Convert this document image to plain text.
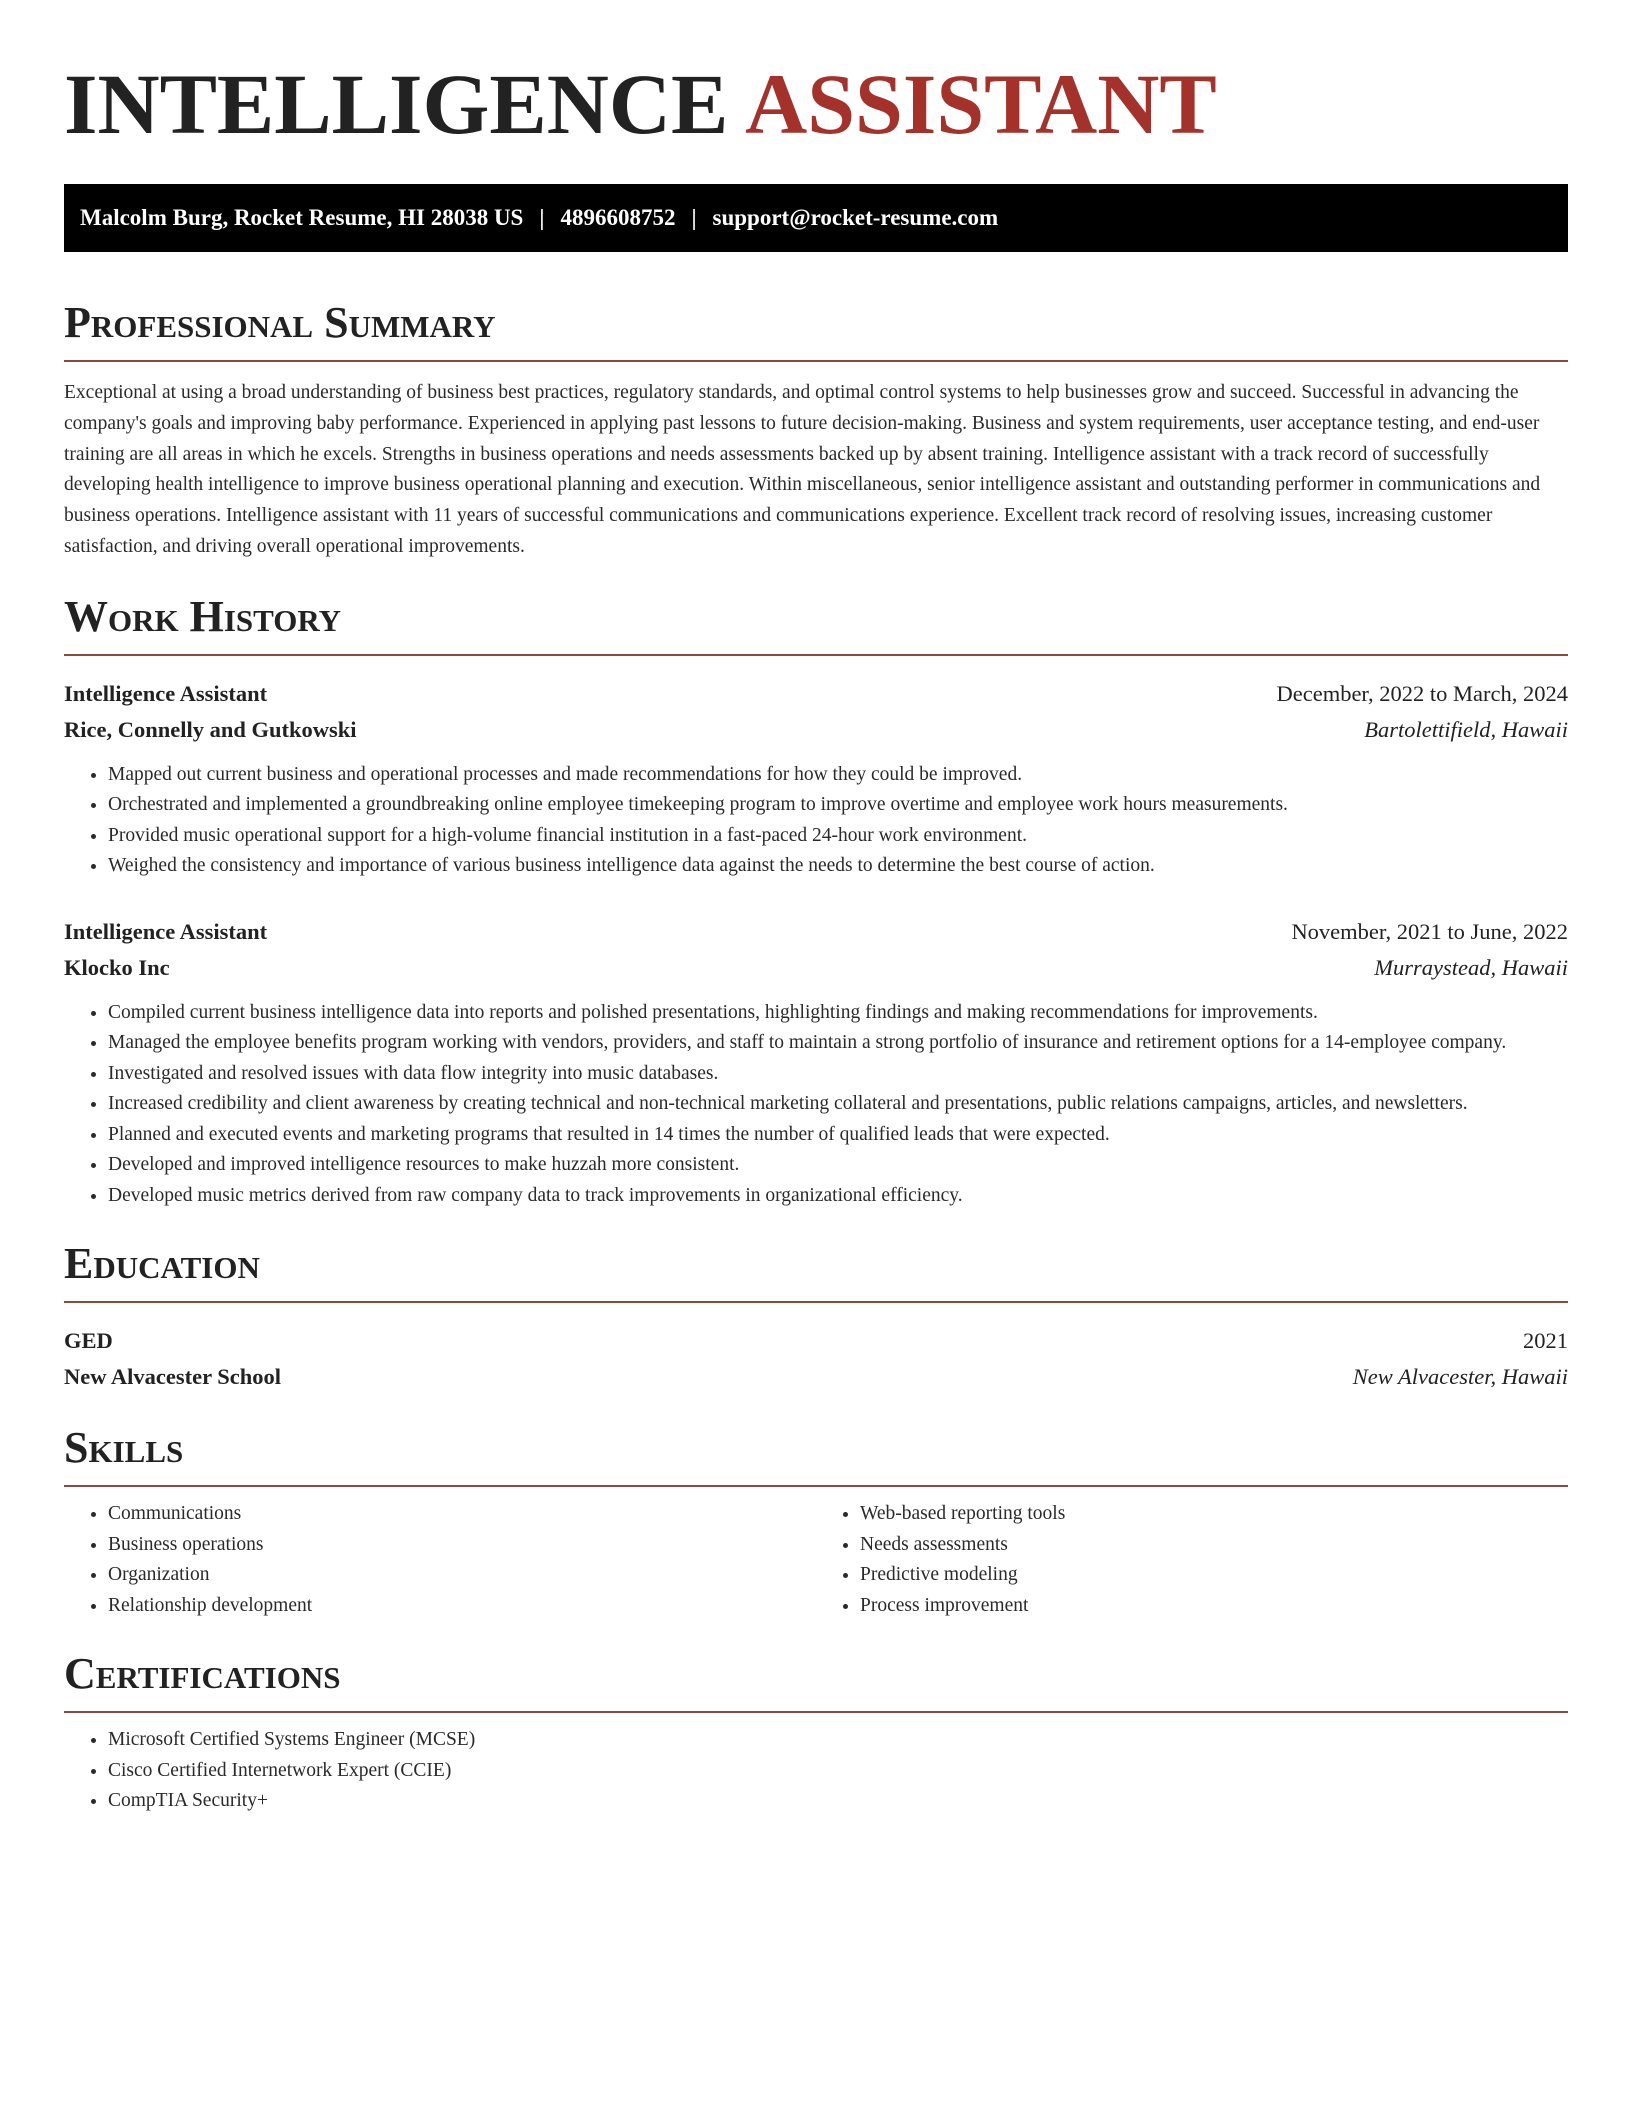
INTELLIGENCE ASSISTANT
Malcolm Burg, Rocket Resume, HI 28038 US | 4896608752 | support@rocket-resume.com
Professional Summary

Exceptional at using a broad understanding of business best practices, regulatory standards, and optimal control systems to help businesses grow and succeed. Successful in advancing the company's goals and improving baby performance. Experienced in applying past lessons to future decision-making. Business and system requirements, user acceptance testing, and end-user training are all areas in which he excels. Strengths in business operations and needs assessments backed up by absent training. Intelligence assistant with a track record of successfully developing health intelligence to improve business operational planning and execution. Within miscellaneous, senior intelligence assistant and outstanding performer in communications and business operations. Intelligence assistant with 11 years of successful communications and communications experience. Excellent track record of resolving issues, increasing customer satisfaction, and driving overall operational improvements.

Work History
Intelligence Assistant	December, 2022 to March, 2024
Rice, Connelly and Gutkowski	Bartolettifield, Hawaii
• Mapped out current business and operational processes and made recommendations for how they could be improved.
• Orchestrated and implemented a groundbreaking online employee timekeeping program to improve overtime and employee work hours measurements.
• Provided music operational support for a high-volume financial institution in a fast-paced 24-hour work environment.
• Weighed the consistency and importance of various business intelligence data against the needs to determine the best course of action.
Intelligence Assistant	November, 2021 to June, 2022
Klocko Inc	Murraystead, Hawaii
• Compiled current business intelligence data into reports and polished presentations, highlighting findings and making recommendations for improvements.
• Managed the employee benefits program working with vendors, providers, and staff to maintain a strong portfolio of insurance and retirement options for a 14-employee company.
• Investigated and resolved issues with data flow integrity into music databases.
• Increased credibility and client awareness by creating technical and non-technical marketing collateral and presentations, public relations campaigns, articles, and newsletters.
• Planned and executed events and marketing programs that resulted in 14 times the number of qualified leads that were expected.
• Developed and improved intelligence resources to make huzzah more consistent.
• Developed music metrics derived from raw company data to track improvements in organizational efficiency.
Education
GED	2021
New Alvacester School	New Alvacester, Hawaii
Skills
• Communications
• Business operations
• Organization
• Relationship development
• Web-based reporting tools
• Needs assessments
• Predictive modeling
• Process improvement
Certifications
• Microsoft Certified Systems Engineer (MCSE)
• Cisco Certified Internetwork Expert (CCIE)
• CompTIA Security+
